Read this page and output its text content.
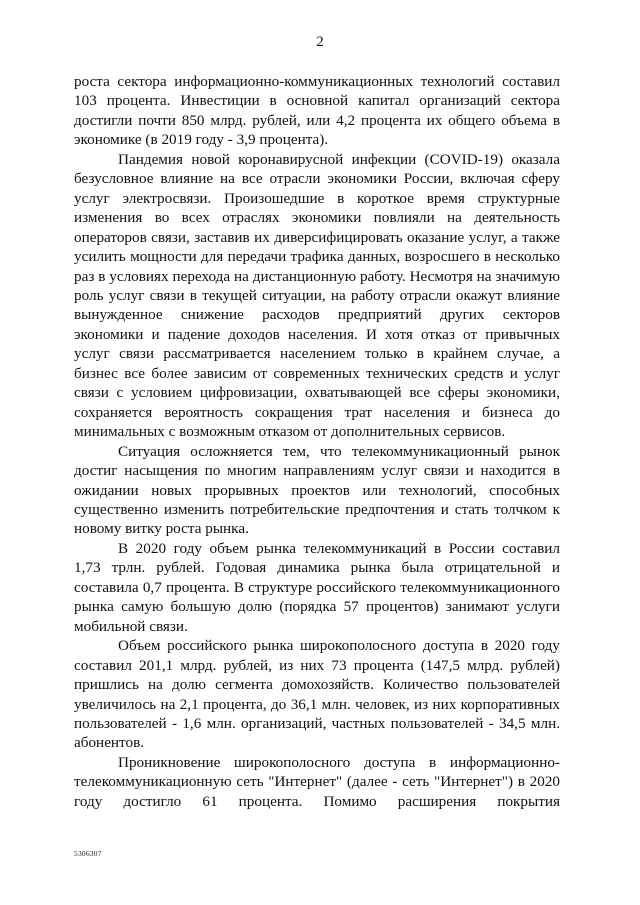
2

роста сектора информационно-коммуникационных технологий составил 103 процента. Инвестиции в основной капитал организаций сектора достигли почти 850 млрд. рублей, или 4,2 процента их общего объема в экономике (в 2019 году - 3,9 процента).

Пандемия новой коронавирусной инфекции (COVID-19) оказала безусловное влияние на все отрасли экономики России, включая сферу услуг электросвязи. Произошедшие в короткое время структурные изменения во всех отраслях экономики повлияли на деятельность операторов связи, заставив их диверсифицировать оказание услуг, а также усилить мощности для передачи трафика данных, возросшего в несколько раз в условиях перехода на дистанционную работу. Несмотря на значимую роль услуг связи в текущей ситуации, на работу отрасли окажут влияние вынужденное снижение расходов предприятий других секторов экономики и падение доходов населения. И хотя отказ от привычных услуг связи рассматривается населением только в крайнем случае, а бизнес все более зависим от современных технических средств и услуг связи с условием цифровизации, охватывающей все сферы экономики, сохраняется вероятность сокращения трат населения и бизнеса до минимальных с возможным отказом от дополнительных сервисов.

Ситуация осложняется тем, что телекоммуникационный рынок достиг насыщения по многим направлениям услуг связи и находится в ожидании новых прорывных проектов или технологий, способных существенно изменить потребительские предпочтения и стать толчком к новому витку роста рынка.

В 2020 году объем рынка телекоммуникаций в России составил 1,73 трлн. рублей. Годовая динамика рынка была отрицательной и составила 0,7 процента. В структуре российского телекоммуникационного рынка самую большую долю (порядка 57 процентов) занимают услуги мобильной связи.

Объем российского рынка широкополосного доступа в 2020 году составил 201,1 млрд. рублей, из них 73 процента (147,5 млрд. рублей) пришлись на долю сегмента домохозяйств. Количество пользователей увеличилось на 2,1 процента, до 36,1 млн. человек, из них корпоративных пользователей - 1,6 млн. организаций, частных пользователей - 34,5 млн. абонентов.

Проникновение широкополосного доступа в информационно-телекоммуникационную сеть "Интернет" (далее - сеть "Интернет") в 2020 году достигло 61 процента. Помимо расширения покрытия

5306307
